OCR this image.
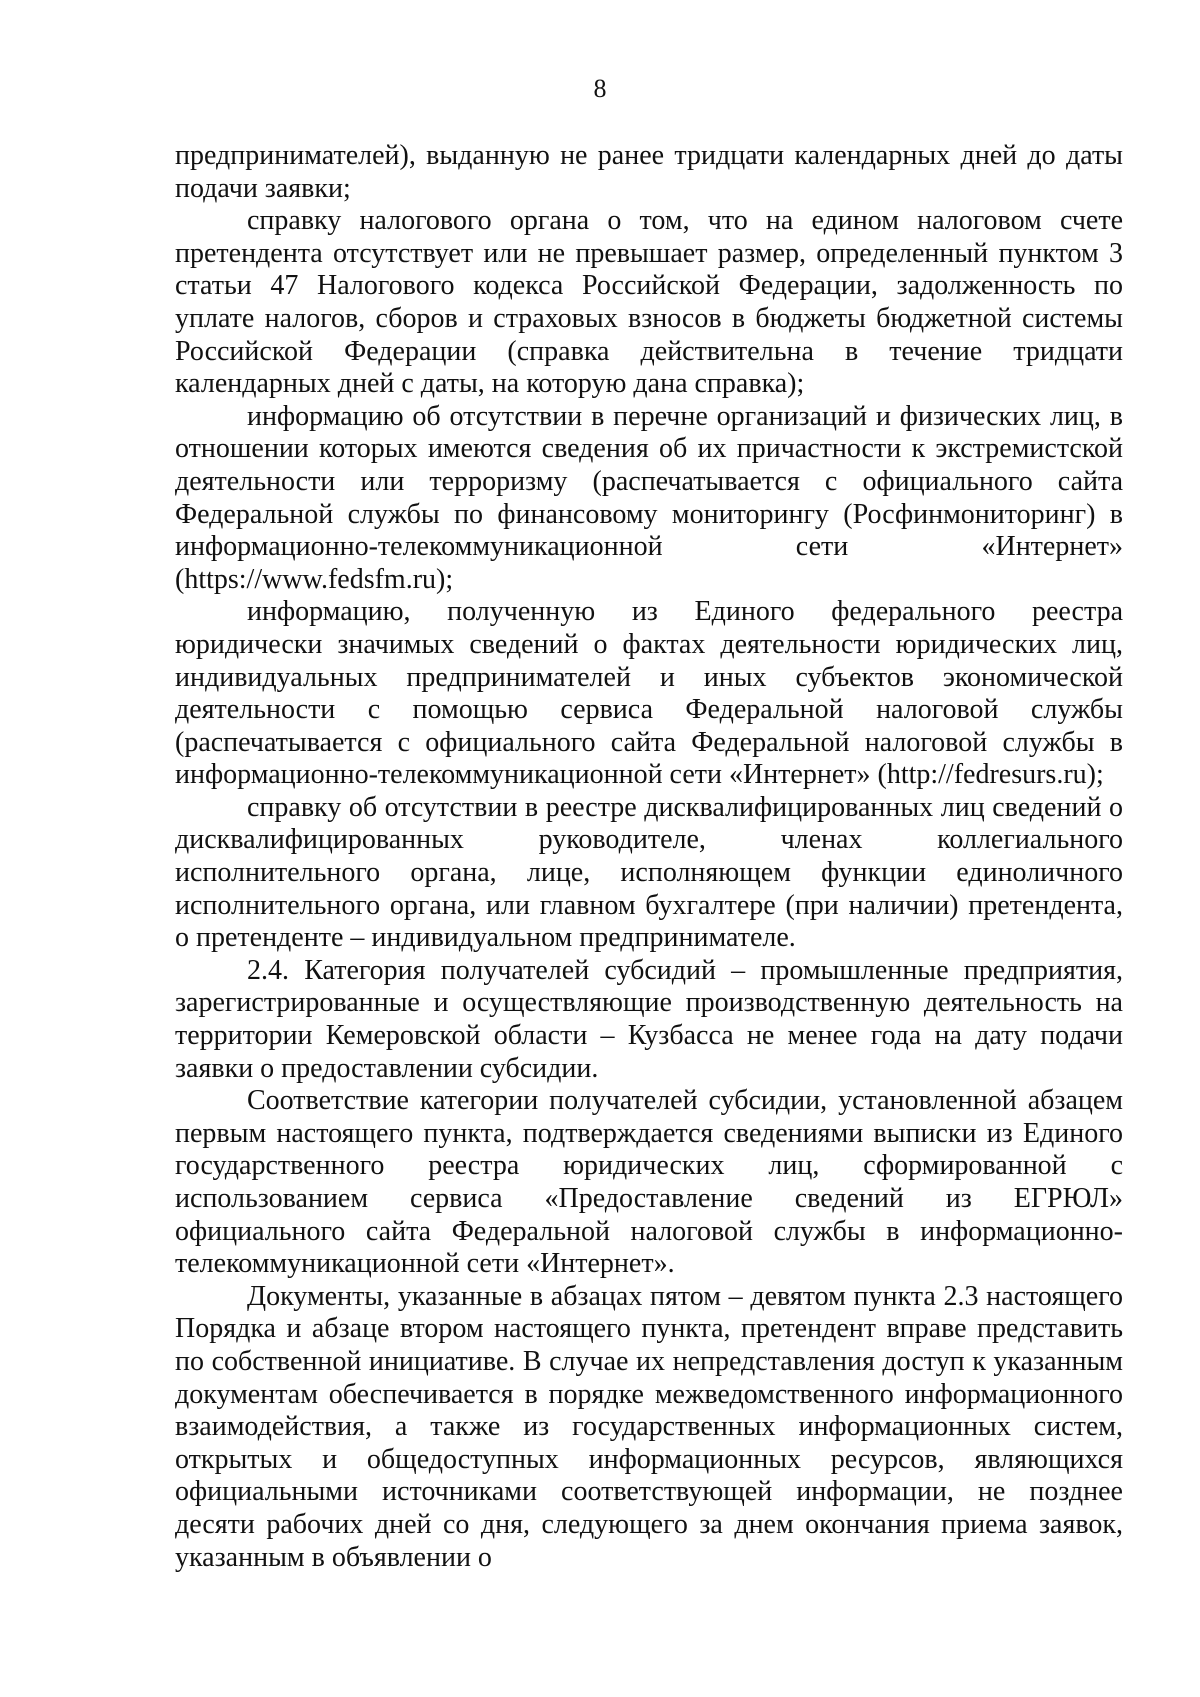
8

предпринимателей), выданную не ранее тридцати календарных дней до даты подачи заявки;

справку налогового органа о том, что на едином налоговом счете претендента отсутствует или не превышает размер, определенный пунктом 3 статьи 47 Налогового кодекса Российской Федерации, задолженность по уплате налогов, сборов и страховых взносов в бюджеты бюджетной системы Российской Федерации (справка действительна в течение тридцати календарных дней с даты, на которую дана справка);

информацию об отсутствии в перечне организаций и физических лиц, в отношении которых имеются сведения об их причастности к экстремистской деятельности или терроризму (распечатывается с официального сайта Федеральной службы по финансовому мониторингу (Росфинмониторинг) в информационно-телекоммуникационной сети «Интернет» (https://www.fedsfm.ru);

информацию, полученную из Единого федерального реестра юридически значимых сведений о фактах деятельности юридических лиц, индивидуальных предпринимателей и иных субъектов экономической деятельности с помощью сервиса Федеральной налоговой службы (распечатывается с официального сайта Федеральной налоговой службы в информационно-телекоммуникационной сети «Интернет» (http://fedresurs.ru);

справку об отсутствии в реестре дисквалифицированных лиц сведений о дисквалифицированных руководителе, членах коллегиального исполнительного органа, лице, исполняющем функции единоличного исполнительного органа, или главном бухгалтере (при наличии) претендента, о претенденте – индивидуальном предпринимателе.

2.4. Категория получателей субсидий – промышленные предприятия, зарегистрированные и осуществляющие производственную деятельность на территории Кемеровской области – Кузбасса не менее года на дату подачи заявки о предоставлении субсидии.

Соответствие категории получателей субсидии, установленной абзацем первым настоящего пункта, подтверждается сведениями выписки из Единого государственного реестра юридических лиц, сформированной с использованием сервиса «Предоставление сведений из ЕГРЮЛ» официального сайта Федеральной налоговой службы в информационно-телекоммуникационной сети «Интернет».

Документы, указанные в абзацах пятом – девятом пункта 2.3 настоящего Порядка и абзаце втором настоящего пункта, претендент вправе представить по собственной инициативе. В случае их непредставления доступ к указанным документам обеспечивается в порядке межведомственного информационного взаимодействия, а также из государственных информационных систем, открытых и общедоступных информационных ресурсов, являющихся официальными источниками соответствующей информации, не позднее десяти рабочих дней со дня, следующего за днем окончания приема заявок, указанным в объявлении о
